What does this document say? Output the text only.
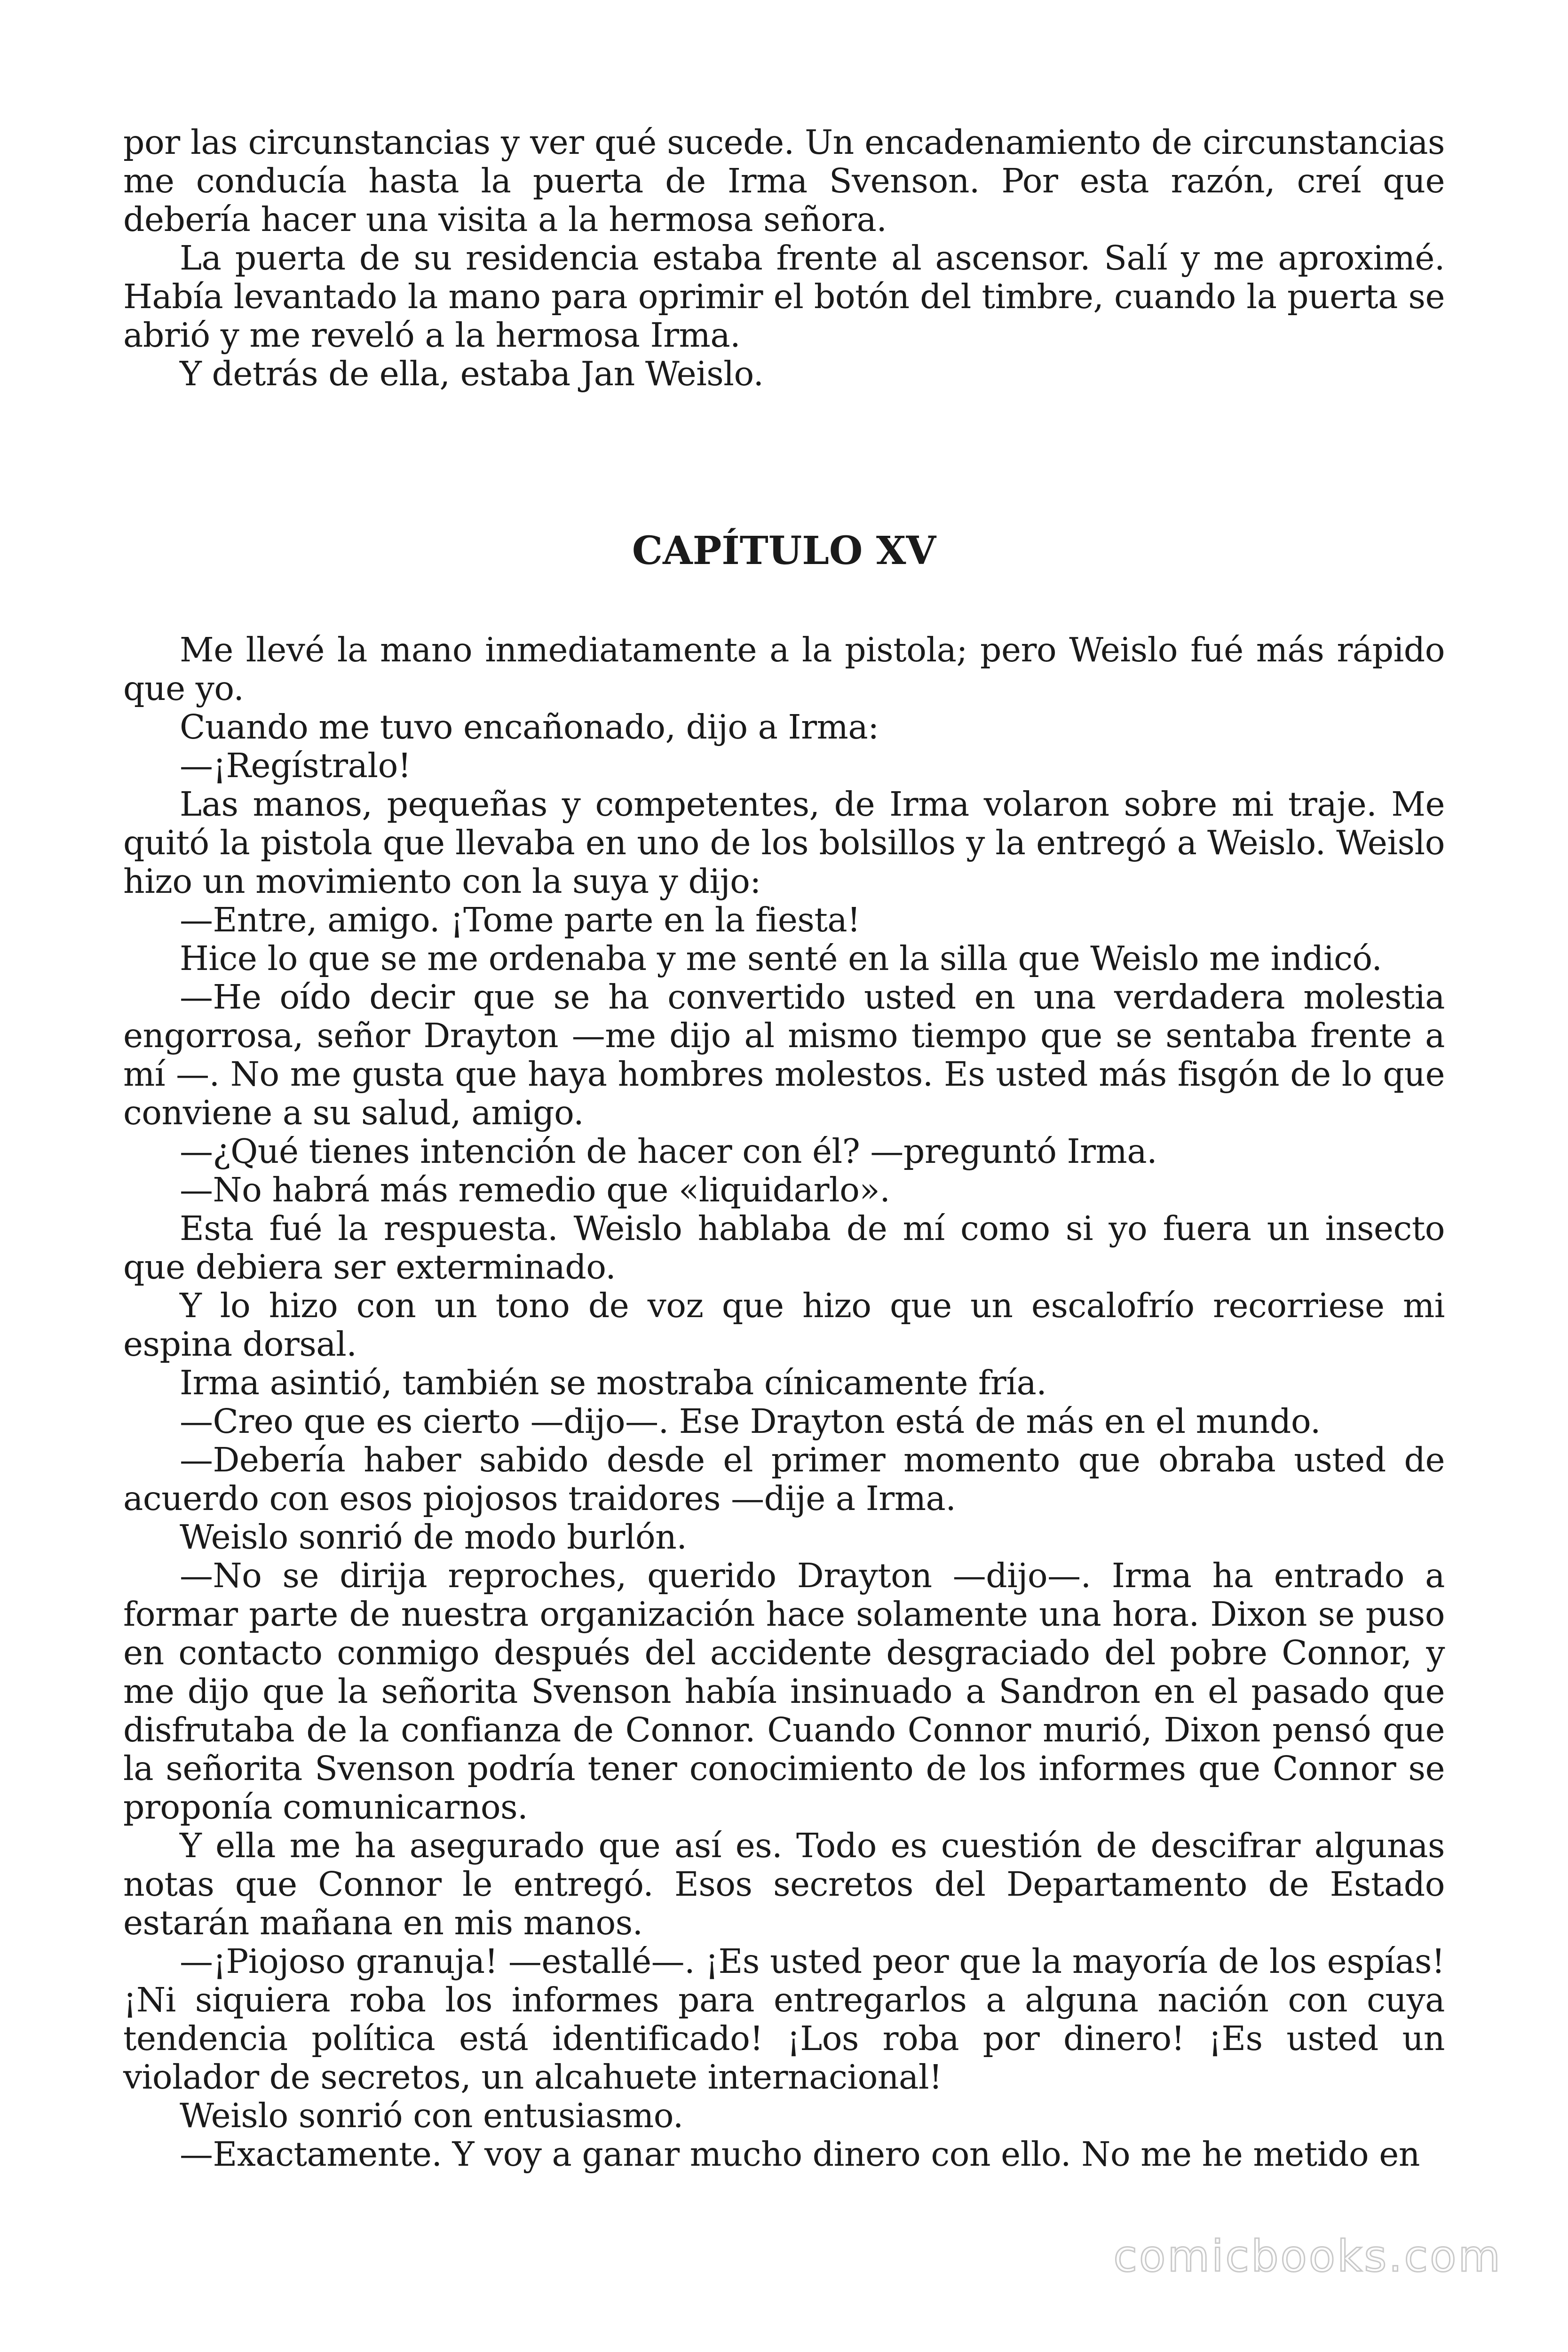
por las circunstancias y ver qué sucede. Un encadenamiento de circunstancias me conducía hasta la puerta de Irma Svenson. Por esta razón, creí que debería hacer una visita a la hermosa señora.

La puerta de su residencia estaba frente al ascensor. Salí y me aproximé. Había levantado la mano para oprimir el botón del timbre, cuando la puerta se abrió y me reveló a la hermosa Irma.

Y detrás de ella, estaba Jan Weislo.

CAPÍTULO XV

Me llevé la mano inmediatamente a la pistola; pero Weislo fué más rápido que yo.

Cuando me tuvo encañonado, dijo a Irma:

—¡Regístralo!

Las manos, pequeñas y competentes, de Irma volaron sobre mi traje. Me quitó la pistola que llevaba en uno de los bolsillos y la entregó a Weislo. Weislo hizo un movimiento con la suya y dijo:

—Entre, amigo. ¡Tome parte en la fiesta!

Hice lo que se me ordenaba y me senté en la silla que Weislo me indicó.

—He oído decir que se ha convertido usted en una verdadera molestia engorrosa, señor Drayton —me dijo al mismo tiempo que se sentaba frente a mí —. No me gusta que haya hombres molestos. Es usted más fisgón de lo que conviene a su salud, amigo.

—¿Qué tienes intención de hacer con él? —preguntó Irma.

—No habrá más remedio que «liquidarlo».

Esta fué la respuesta. Weislo hablaba de mí como si yo fuera un insecto que debiera ser exterminado.

Y lo hizo con un tono de voz que hizo que un escalofrío recorriese mi espina dorsal.

Irma asintió, también se mostraba cínicamente fría.

—Creo que es cierto —dijo—. Ese Drayton está de más en el mundo.

—Debería haber sabido desde el primer momento que obraba usted de acuerdo con esos piojosos traidores —dije a Irma.

Weislo sonrió de modo burlón.

—No se dirija reproches, querido Drayton —dijo—. Irma ha entrado a formar parte de nuestra organización hace solamente una hora. Dixon se puso en contacto conmigo después del accidente desgraciado del pobre Connor, y me dijo que la señorita Svenson había insinuado a Sandron en el pasado que disfrutaba de la confianza de Connor. Cuando Connor murió, Dixon pensó que la señorita Svenson podría tener conocimiento de los informes que Connor se proponía comunicarnos.

Y ella me ha asegurado que así es. Todo es cuestión de descifrar algunas notas que Connor le entregó. Esos secretos del Departamento de Estado estarán mañana en mis manos.

—¡Piojoso granuja! —estallé—. ¡Es usted peor que la mayoría de los espías! ¡Ni siquiera roba los informes para entregarlos a alguna nación con cuya tendencia política está identificado! ¡Los roba por dinero! ¡Es usted un violador de secretos, un alcahuete internacional!

Weislo sonrió con entusiasmo.

—Exactamente. Y voy a ganar mucho dinero con ello. No me he metido en

comicbooks.com
